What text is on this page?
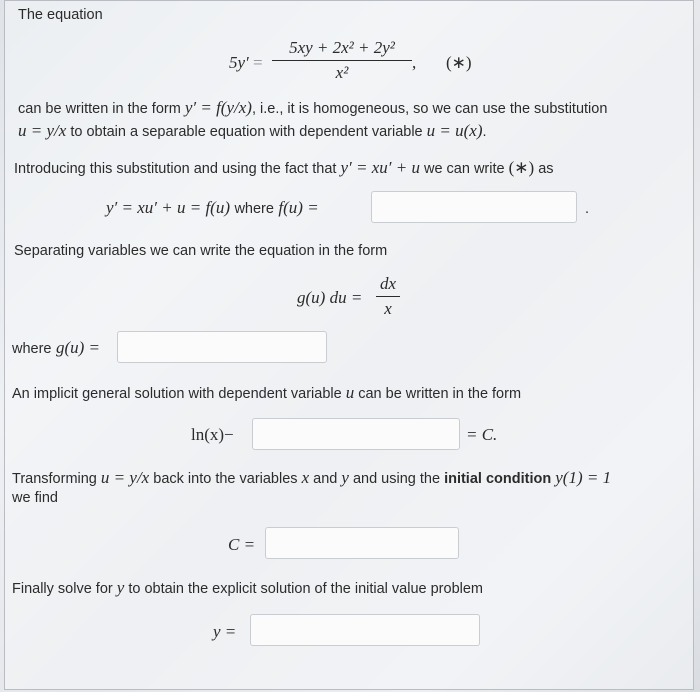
The equation
5y′ =
5xy + 2x² + 2y²
x²
, (∗)
can be written in the form y′ = f(y/x), i.e., it is homogeneous, so we can use the substitution
u = y/x to obtain a separable equation with dependent variable u = u(x).
Introducing this substitution and using the fact that y′ = xu′ + u we can write (∗) as
y′ = xu′ + u = f(u) where f(u) =	.
Separating variables we can write the equation in the form
g(u) du =
dx
x
where g(u) =
An implicit general solution with dependent variable u can be written in the form
ln(x)−	= C.
Transforming u = y/x back into the variables x and y and using the initial condition y(1) = 1
we find
C =
Finally solve for y to obtain the explicit solution of the initial value problem
y =
